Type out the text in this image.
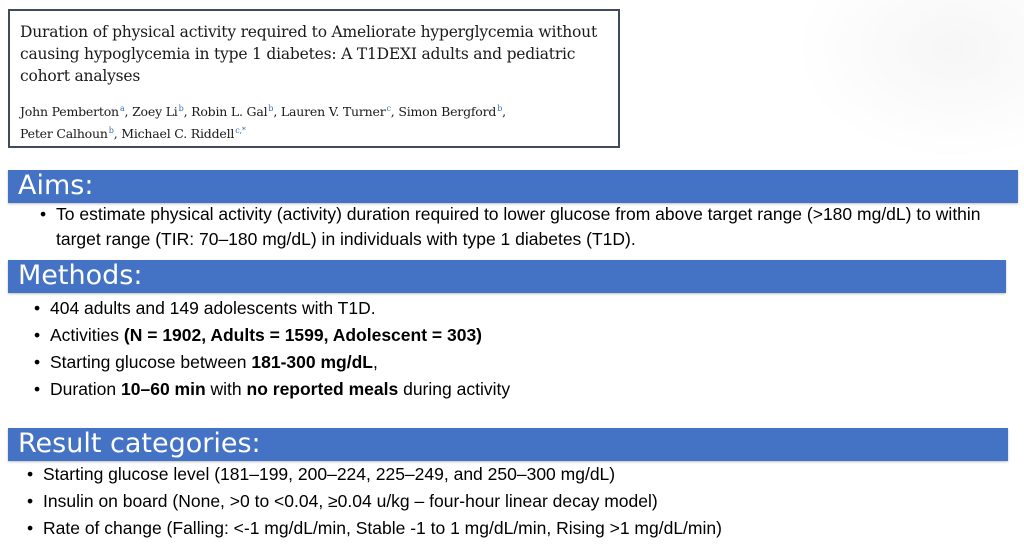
Duration of physical activity required to Ameliorate hyperglycemia without causing hypoglycemia in type 1 diabetes: A T1DEXI adults and pediatric cohort analyses

John Pemberton $^a$, Zoey Li $^b$, Robin L. Gal $^b$, Lauren V. Turner $^c$, Simon Bergford $^b$,
Peter Calhoun $^b$, Michael C. Riddell $^{c,*}$
Aims:
• To estimate physical activity (activity) duration required to lower glucose from above target range (>180 mg/dL) to within target range (TIR: 70–180 mg/dL) in individuals with type 1 diabetes (T1D).
Methods:
• 404 adults and 149 adolescents with T1D.
• Activities (N = 1902, Adults = 1599, Adolescent = 303)
• Starting glucose between 181-300 mg/dL,
• Duration 10–60 min with no reported meals during activity
Result categories:
• Starting glucose level (181–199, 200–224, 225–249, and 250–300 mg/dL)
• Insulin on board (None, >0 to <0.04, ≥0.04 u/kg – four-hour linear decay model)
• Rate of change (Falling: <-1 mg/dL/min, Stable -1 to 1 mg/dL/min, Rising >1 mg/dL/min)
